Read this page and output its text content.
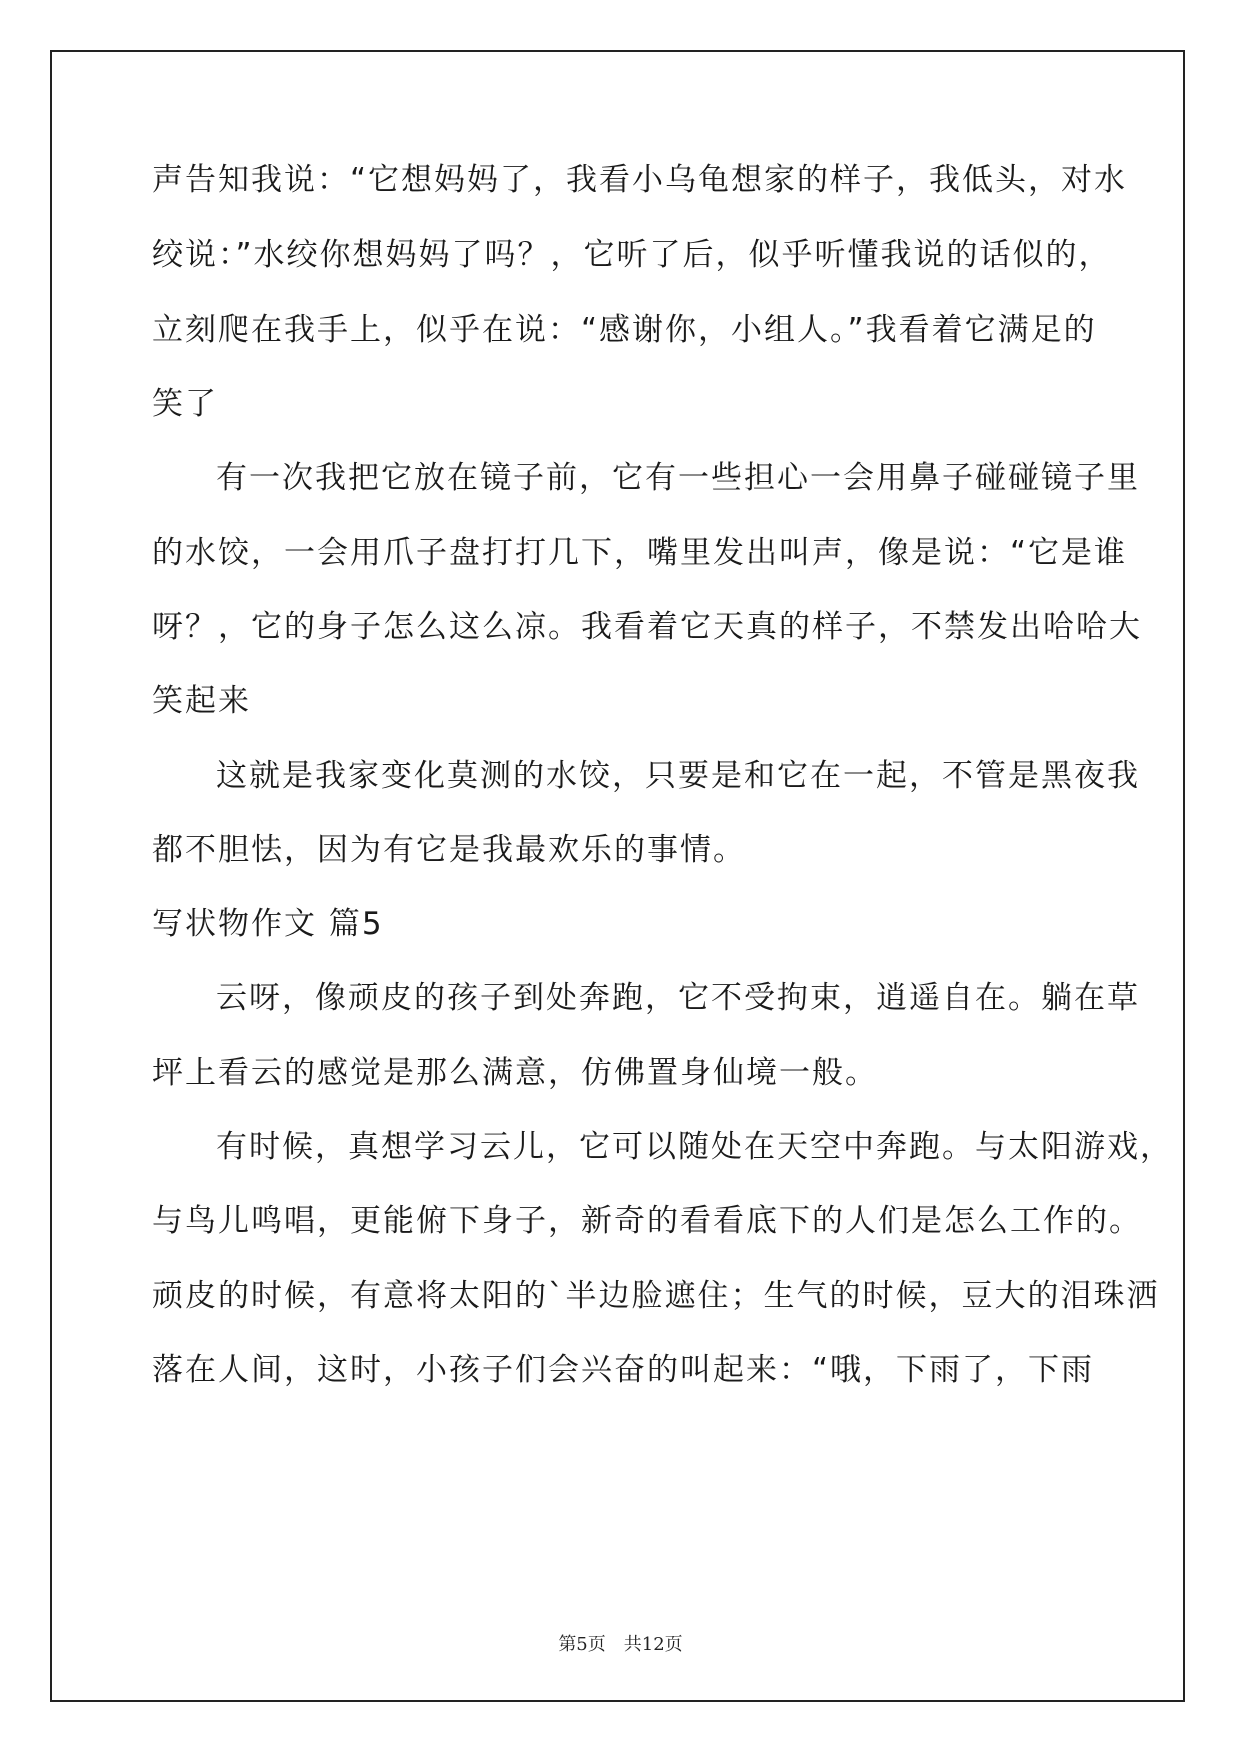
声告知我说：“它想妈妈了，我看小乌龟想家的样子，我低头，对水
绞说：”水绞你想妈妈了吗？，它听了后，似乎听懂我说的话似的，
立刻爬在我手上，似乎在说：“感谢你，小组人。”我看着它满足的
笑了
有一次我把它放在镜子前，它有一些担心一会用鼻子碰碰镜子里
的水饺，一会用爪子盘打打几下，嘴里发出叫声，像是说：“它是谁
呀？，它的身子怎么这么凉。我看着它天真的样子，不禁发出哈哈大
笑起来
这就是我家变化莫测的水饺，只要是和它在一起，不管是黑夜我
都不胆怯，因为有它是我最欢乐的事情。
写状物作文 篇5
云呀，像顽皮的孩子到处奔跑，它不受拘束，逍遥自在。躺在草
坪上看云的感觉是那么满意，仿佛置身仙境一般。
有时候，真想学习云儿，它可以随处在天空中奔跑。与太阳游戏，
与鸟儿鸣唱，更能俯下身子，新奇的看看底下的人们是怎么工作的。
顽皮的时候，有意将太阳的`半边脸遮住；生气的时候，豆大的泪珠洒
落在人间，这时，小孩子们会兴奋的叫起来：“哦，下雨了，下雨
第5页 共12页
